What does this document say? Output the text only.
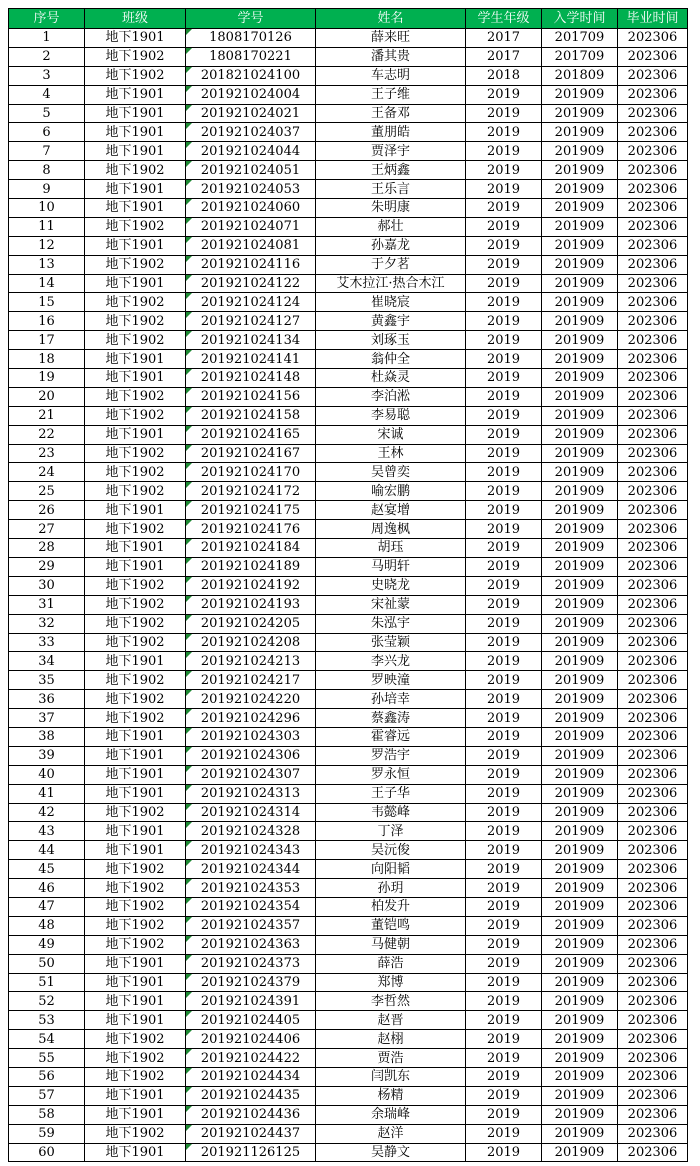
序号	班级	学号	姓名	学生年级	入学时间	毕业时间
1	地下1901	1808170126	薛来旺	2017	201709	202306
2	地下1902	1808170221	潘其贵	2017	201709	202306
3	地下1902	201821024100	车志明	2018	201809	202306
4	地下1901	201921024004	王子维	2019	201909	202306
5	地下1901	201921024021	王备邓	2019	201909	202306
6	地下1901	201921024037	董朋皓	2019	201909	202306
7	地下1901	201921024044	贾泽宇	2019	201909	202306
8	地下1902	201921024051	王炳鑫	2019	201909	202306
9	地下1901	201921024053	王乐言	2019	201909	202306
10	地下1901	201921024060	朱明康	2019	201909	202306
11	地下1902	201921024071	郝壮	2019	201909	202306
12	地下1901	201921024081	孙嘉龙	2019	201909	202306
13	地下1902	201921024116	于夕茗	2019	201909	202306
14	地下1901	201921024122	艾木拉江·热合木江	2019	201909	202306
15	地下1902	201921024124	崔晓宸	2019	201909	202306
16	地下1902	201921024127	黄鑫宇	2019	201909	202306
17	地下1902	201921024134	刘琢玉	2019	201909	202306
18	地下1901	201921024141	翁仲全	2019	201909	202306
19	地下1901	201921024148	杜焱灵	2019	201909	202306
20	地下1902	201921024156	李泊淞	2019	201909	202306
21	地下1902	201921024158	李易聪	2019	201909	202306
22	地下1901	201921024165	宋诚	2019	201909	202306
23	地下1902	201921024167	王林	2019	201909	202306
24	地下1902	201921024170	吴曾奕	2019	201909	202306
25	地下1902	201921024172	喻宏鹏	2019	201909	202306
26	地下1901	201921024175	赵宴增	2019	201909	202306
27	地下1902	201921024176	周逸枫	2019	201909	202306
28	地下1901	201921024184	胡珏	2019	201909	202306
29	地下1901	201921024189	马明轩	2019	201909	202306
30	地下1902	201921024192	史晓龙	2019	201909	202306
31	地下1902	201921024193	宋祉蒙	2019	201909	202306
32	地下1902	201921024205	朱泓宇	2019	201909	202306
33	地下1902	201921024208	张莹颖	2019	201909	202306
34	地下1901	201921024213	李兴龙	2019	201909	202306
35	地下1902	201921024217	罗映潼	2019	201909	202306
36	地下1902	201921024220	孙培幸	2019	201909	202306
37	地下1902	201921024296	蔡鑫涛	2019	201909	202306
38	地下1901	201921024303	霍睿远	2019	201909	202306
39	地下1901	201921024306	罗浩宇	2019	201909	202306
40	地下1901	201921024307	罗永恒	2019	201909	202306
41	地下1901	201921024313	王子华	2019	201909	202306
42	地下1902	201921024314	韦懿峰	2019	201909	202306
43	地下1901	201921024328	丁泽	2019	201909	202306
44	地下1901	201921024343	吴沅俊	2019	201909	202306
45	地下1902	201921024344	向阳韬	2019	201909	202306
46	地下1902	201921024353	孙玥	2019	201909	202306
47	地下1902	201921024354	柏发升	2019	201909	202306
48	地下1902	201921024357	董铠鸣	2019	201909	202306
49	地下1902	201921024363	马健朝	2019	201909	202306
50	地下1901	201921024373	薛浩	2019	201909	202306
51	地下1901	201921024379	郑博	2019	201909	202306
52	地下1901	201921024391	李哲然	2019	201909	202306
53	地下1901	201921024405	赵晋	2019	201909	202306
54	地下1902	201921024406	赵栩	2019	201909	202306
55	地下1902	201921024422	贾浩	2019	201909	202306
56	地下1902	201921024434	闫凯东	2019	201909	202306
57	地下1901	201921024435	杨精	2019	201909	202306
58	地下1901	201921024436	余瑞峰	2019	201909	202306
59	地下1902	201921024437	赵洋	2019	201909	202306
60	地下1901	201921126125	吴静文	2019	201909	202306
